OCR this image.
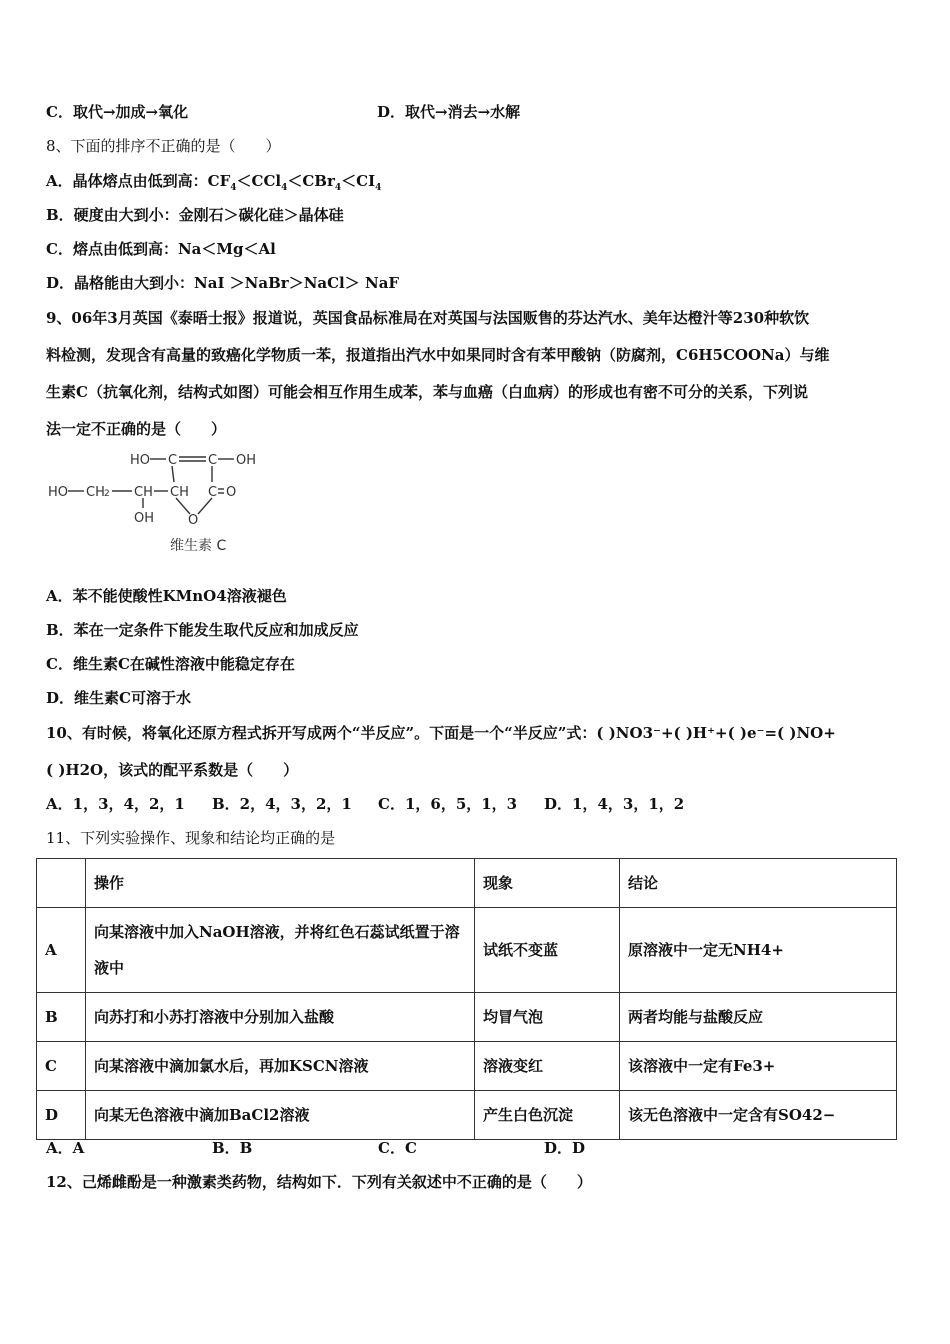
C．取代→加成→氧化	D．取代→消去→水解
8、下面的排序不正确的是（　　）
A．晶体熔点由低到高：$CF_4<CCl_4<CBr_4<CI_4$
B．硬度由大到小：金刚石＞碳化硅＞晶体硅
C．熔点由低到高：Na＜Mg＜Al
D．晶格能由大到小：NaI ＞NaBr＞NaCl＞ NaF
9、06年3月英国《泰晤士报》报道说，英国食品标准局在对英国与法国贩售的芬达汽水、美年达橙汁等230种软饮
料检测，发现含有高量的致癌化学物质一苯，报道指出汽水中如果同时含有苯甲酸钠（防腐剂，C6H5COONa）与维
生素C（抗氧化剂，结构式如图）可能会相互作用生成苯，苯与血癌（白血病）的形成也有密不可分的关系，下列说
法一定不正确的是（　　）
HO C C OH
HO CH 2 CH CH C O
OH	O
维生素 C
A．苯不能使酸性KMnO4溶液褪色
B．苯在一定条件下能发生取代反应和加成反应
C．维生素C在碱性溶液中能稳定存在
D．维生素C可溶于水
10、有时候，将氧化还原方程式拆开写成两个“半反应”。下面是一个“半反应”式：( )NO3⁻+( )H⁺+( )e⁻=( )NO+
( )H2O，该式的配平系数是（　　）
A．1，3，4，2，1 B．2，4，3，2，1 C．1，6，5，1，3 D．1，4，3，1，2
11、下列实验操作、现象和结论均正确的是
	操作	现象	结论
A	向某溶液中加入NaOH溶液，并将红色石蕊试纸置于溶液中	试纸不变蓝	原溶液中一定无NH4+
B	向苏打和小苏打溶液中分别加入盐酸	均冒气泡	两者均能与盐酸反应
C	向某溶液中滴加氯水后，再加KSCN溶液	溶液变红	该溶液中一定有Fe3+
D	向某无色溶液中滴加BaCl2溶液	产生白色沉淀	该无色溶液中一定含有SO42−
A．A	B．B	C．C	D．D
12、己烯雌酚是一种激素类药物，结构如下．下列有关叙述中不正确的是（　　）
